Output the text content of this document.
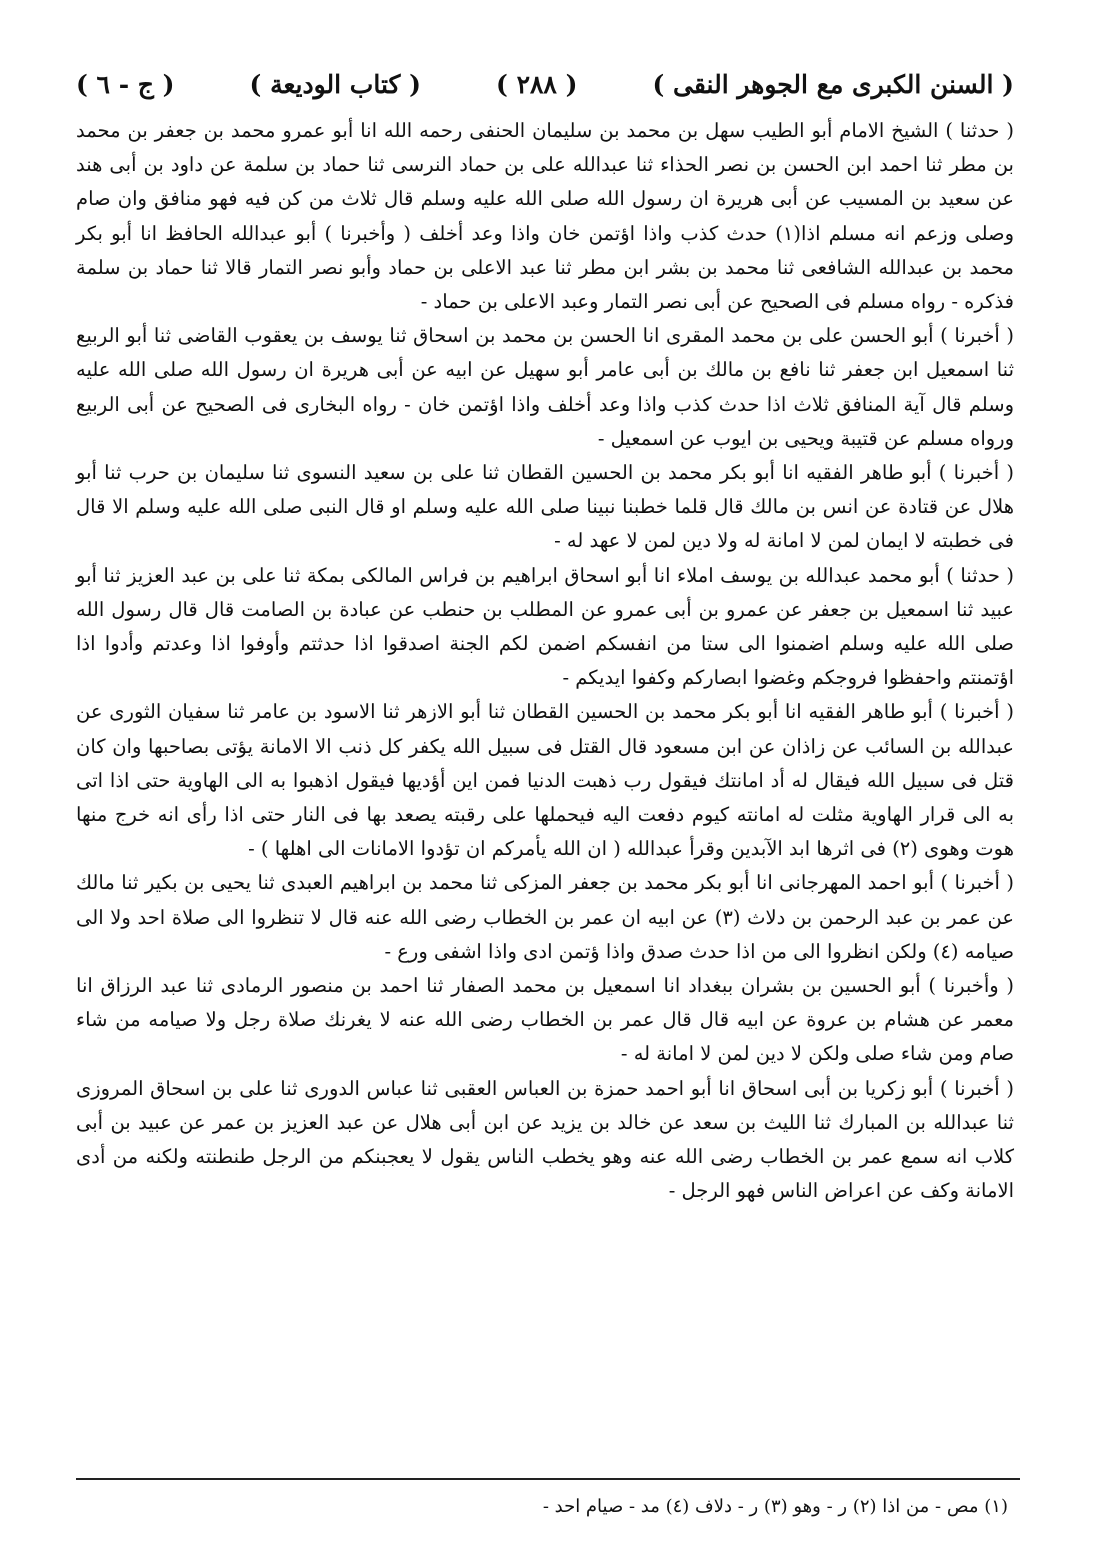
( السنن الكبرى مع الجوهر النقى )
( ٢٨٨ )
( كتاب الوديعة )
( ج - ٦ )

( حدثنا ) الشيخ الامام أبو الطيب سهل بن محمد بن سليمان الحنفى رحمه الله انا أبو عمرو محمد بن جعفر بن محمد بن مطر ثنا احمد ابن الحسن بن نصر الحذاء ثنا عبدالله على بن حماد النرسى ثنا حماد بن سلمة عن داود بن أبى هند عن سعيد بن المسيب عن أبى هريرة ان رسول الله صلى الله عليه وسلم قال ثلاث من كن فيه فهو منافق وان صام وصلى وزعم انه مسلم اذا(١) حدث كذب واذا اؤتمن خان واذا وعد أخلف ( وأخبرنا ) أبو عبدالله الحافظ انا أبو بكر محمد بن عبدالله الشافعى ثنا محمد بن بشر ابن مطر ثنا عبد الاعلى بن حماد وأبو نصر التمار قالا ثنا حماد بن سلمة فذكره - رواه مسلم فى الصحيح عن أبى نصر التمار وعبد الاعلى بن حماد -

( أخبرنا ) أبو الحسن على بن محمد المقرى انا الحسن بن محمد بن اسحاق ثنا يوسف بن يعقوب القاضى ثنا أبو الربيع ثنا اسمعيل ابن جعفر ثنا نافع بن مالك بن أبى عامر أبو سهيل عن ابيه عن أبى هريرة ان رسول الله صلى الله عليه وسلم قال آية المنافق ثلاث اذا حدث كذب واذا وعد أخلف واذا اؤتمن خان - رواه البخارى فى الصحيح عن أبى الربيع ورواه مسلم عن قتيبة ويحيى بن ايوب عن اسمعيل -

( أخبرنا ) أبو طاهر الفقيه انا أبو بكر محمد بن الحسين القطان ثنا على بن سعيد النسوى ثنا سليمان بن حرب ثنا أبو هلال عن قتادة عن انس بن مالك قال قلما خطبنا نبينا صلى الله عليه وسلم او قال النبى صلى الله عليه وسلم الا قال فى خطبته لا ايمان لمن لا امانة له ولا دين لمن لا عهد له -

( حدثنا ) أبو محمد عبدالله بن يوسف املاء انا أبو اسحاق ابراهيم بن فراس المالكى بمكة ثنا على بن عبد العزيز ثنا أبو عبيد ثنا اسمعيل بن جعفر عن عمرو بن أبى عمرو عن المطلب بن حنطب عن عبادة بن الصامت قال قال رسول الله صلى الله عليه وسلم اضمنوا الى ستا من انفسكم اضمن لكم الجنة اصدقوا اذا حدثتم وأوفوا اذا وعدتم وأدوا اذا اؤتمنتم واحفظوا فروجكم وغضوا ابصاركم وكفوا ايديكم -

( أخبرنا ) أبو طاهر الفقيه انا أبو بكر محمد بن الحسين القطان ثنا أبو الازهر ثنا الاسود بن عامر ثنا سفيان الثورى عن عبدالله بن السائب عن زاذان عن ابن مسعود قال القتل فى سبيل الله يكفر كل ذنب الا الامانة يؤتى بصاحبها وان كان قتل فى سبيل الله فيقال له أد امانتك فيقول رب ذهبت الدنيا فمن اين أؤديها فيقول اذهبوا به الى الهاوية حتى اذا اتى به الى قرار الهاوية مثلت له امانته كيوم دفعت اليه فيحملها على رقبته يصعد بها فى النار حتى اذا رأى انه خرج منها هوت وهوى (٢) فى اثرها ابد الآبدين وقرأ عبدالله ( ان الله يأمركم ان تؤدوا الامانات الى اهلها ) -

( أخبرنا ) أبو احمد المهرجانى انا أبو بكر محمد بن جعفر المزكى ثنا محمد بن ابراهيم العبدى ثنا يحيى بن بكير ثنا مالك عن عمر بن عبد الرحمن بن دلاث (٣) عن ابيه ان عمر بن الخطاب رضى الله عنه قال لا تنظروا الى صلاة احد ولا الى صيامه (٤) ولكن انظروا الى من اذا حدث صدق واذا ؤتمن ادى واذا اشفى ورع -

( وأخبرنا ) أبو الحسين بن بشران ببغداد انا اسمعيل بن محمد الصفار ثنا احمد بن منصور الرمادى ثنا عبد الرزاق انا معمر عن هشام بن عروة عن ابيه قال قال عمر بن الخطاب رضى الله عنه لا يغرنك صلاة رجل ولا صيامه من شاء صام ومن شاء صلى ولكن لا دين لمن لا امانة له -

( أخبرنا ) أبو زكريا بن أبى اسحاق انا أبو احمد حمزة بن العباس العقبى ثنا عباس الدورى ثنا على بن اسحاق المروزى ثنا عبدالله بن المبارك ثنا الليث بن سعد عن خالد بن يزيد عن ابن أبى هلال عن عبد العزيز بن عمر عن عبيد بن أبى كلاب انه سمع عمر بن الخطاب رضى الله عنه وهو يخطب الناس يقول لا يعجبنكم من الرجل طنطنته ولكنه من أدى الامانة وكف عن اعراض الناس فهو الرجل -

(١) مص - من اذا (٢) ر - وهو (٣) ر - دلاف (٤) مد - صيام احد -
